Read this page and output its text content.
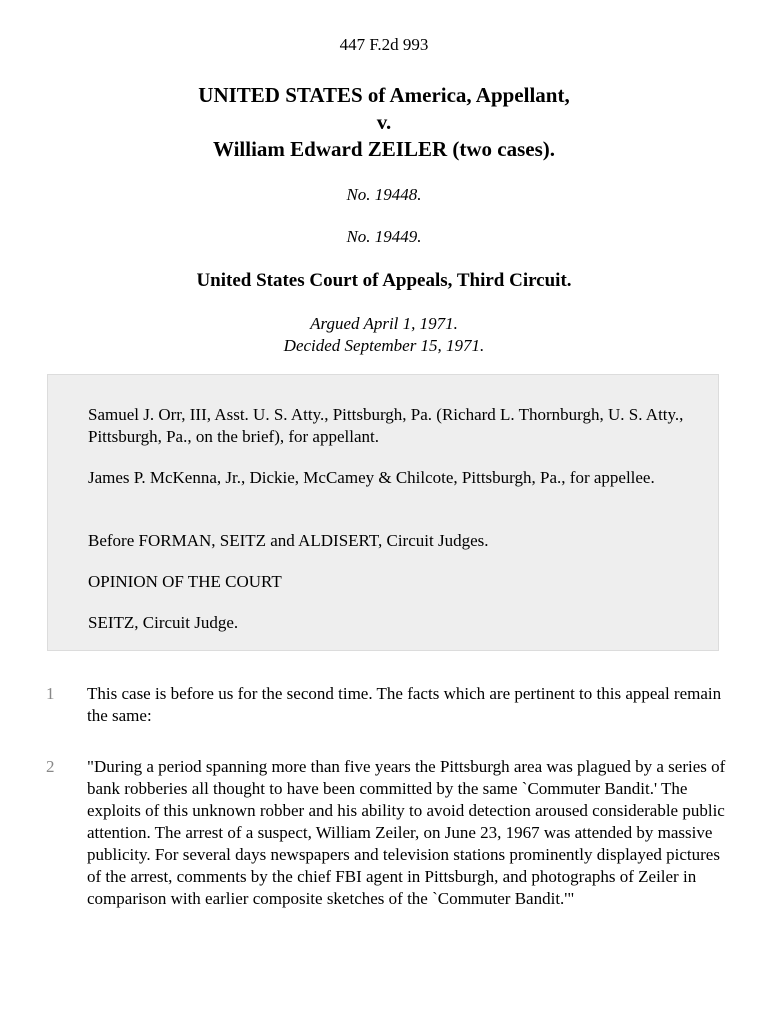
447 F.2d 993
UNITED STATES of America, Appellant,
v.
William Edward ZEILER (two cases).
No. 19448.
No. 19449.
United States Court of Appeals, Third Circuit.
Argued April 1, 1971.
Decided September 15, 1971.
Samuel J. Orr, III, Asst. U. S. Atty., Pittsburgh, Pa. (Richard L. Thornburgh, U. S. Atty., Pittsburgh, Pa., on the brief), for appellant.
James P. McKenna, Jr., Dickie, McCamey & Chilcote, Pittsburgh, Pa., for appellee.
Before FORMAN, SEITZ and ALDISERT, Circuit Judges.
OPINION OF THE COURT
SEITZ, Circuit Judge.
1 This case is before us for the second time. The facts which are pertinent to this appeal remain the same:
2 "During a period spanning more than five years the Pittsburgh area was plagued by a series of bank robberies all thought to have been committed by the same `Commuter Bandit.' The exploits of this unknown robber and his ability to avoid detection aroused considerable public attention. The arrest of a suspect, William Zeiler, on June 23, 1967 was attended by massive publicity. For several days newspapers and television stations prominently displayed pictures of the arrest, comments by the chief FBI agent in Pittsburgh, and photographs of Zeiler in comparison with earlier composite sketches of the `Commuter Bandit.'"
